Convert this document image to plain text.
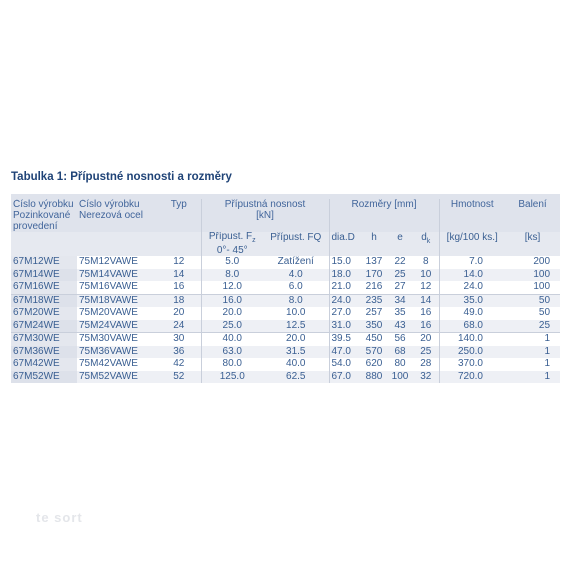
Tabulka 1: Přípustné nosnosti a rozměry

Číslo výrobku Pozinkované provedení	Číslo výrobku Nerezová ocel	Typ	Přípustná nosnost [kN]		Rozměry [mm]				Hmotnost	Balení
			Přípust. $F_z$
0°- 45°	Přípust. FQ	dia.D	h	e	$d_k$	[kg/100 ks.]	[ks]
67M12WE	75M12VAWE	12	5.0	Zatížení	15.0	137	22	8	7.0	200
67M14WE	75M14VAWE	14	8.0	4.0	18.0	170	25	10	14.0	100
67M16WE	75M16VAWE	16	12.0	6.0	21.0	216	27	12	24.0	100
67M18WE	75M18VAWE	18	16.0	8.0	24.0	235	34	14	35.0	50
67M20WE	75M20VAWE	20	20.0	10.0	27.0	257	35	16	49.0	50
67M24WE	75M24VAWE	24	25.0	12.5	31.0	350	43	16	68.0	25
67M30WE	75M30VAWE	30	40.0	20.0	39.5	450	56	20	140.0	1
67M36WE	75M36VAWE	36	63.0	31.5	47.0	570	68	25	250.0	1
67M42WE	75M42VAWE	42	80.0	40.0	54.0	620	80	28	370.0	1
67M52WE	75M52VAWE	52	125.0	62.5	67.0	880	100	32	720.0	1
te sort
